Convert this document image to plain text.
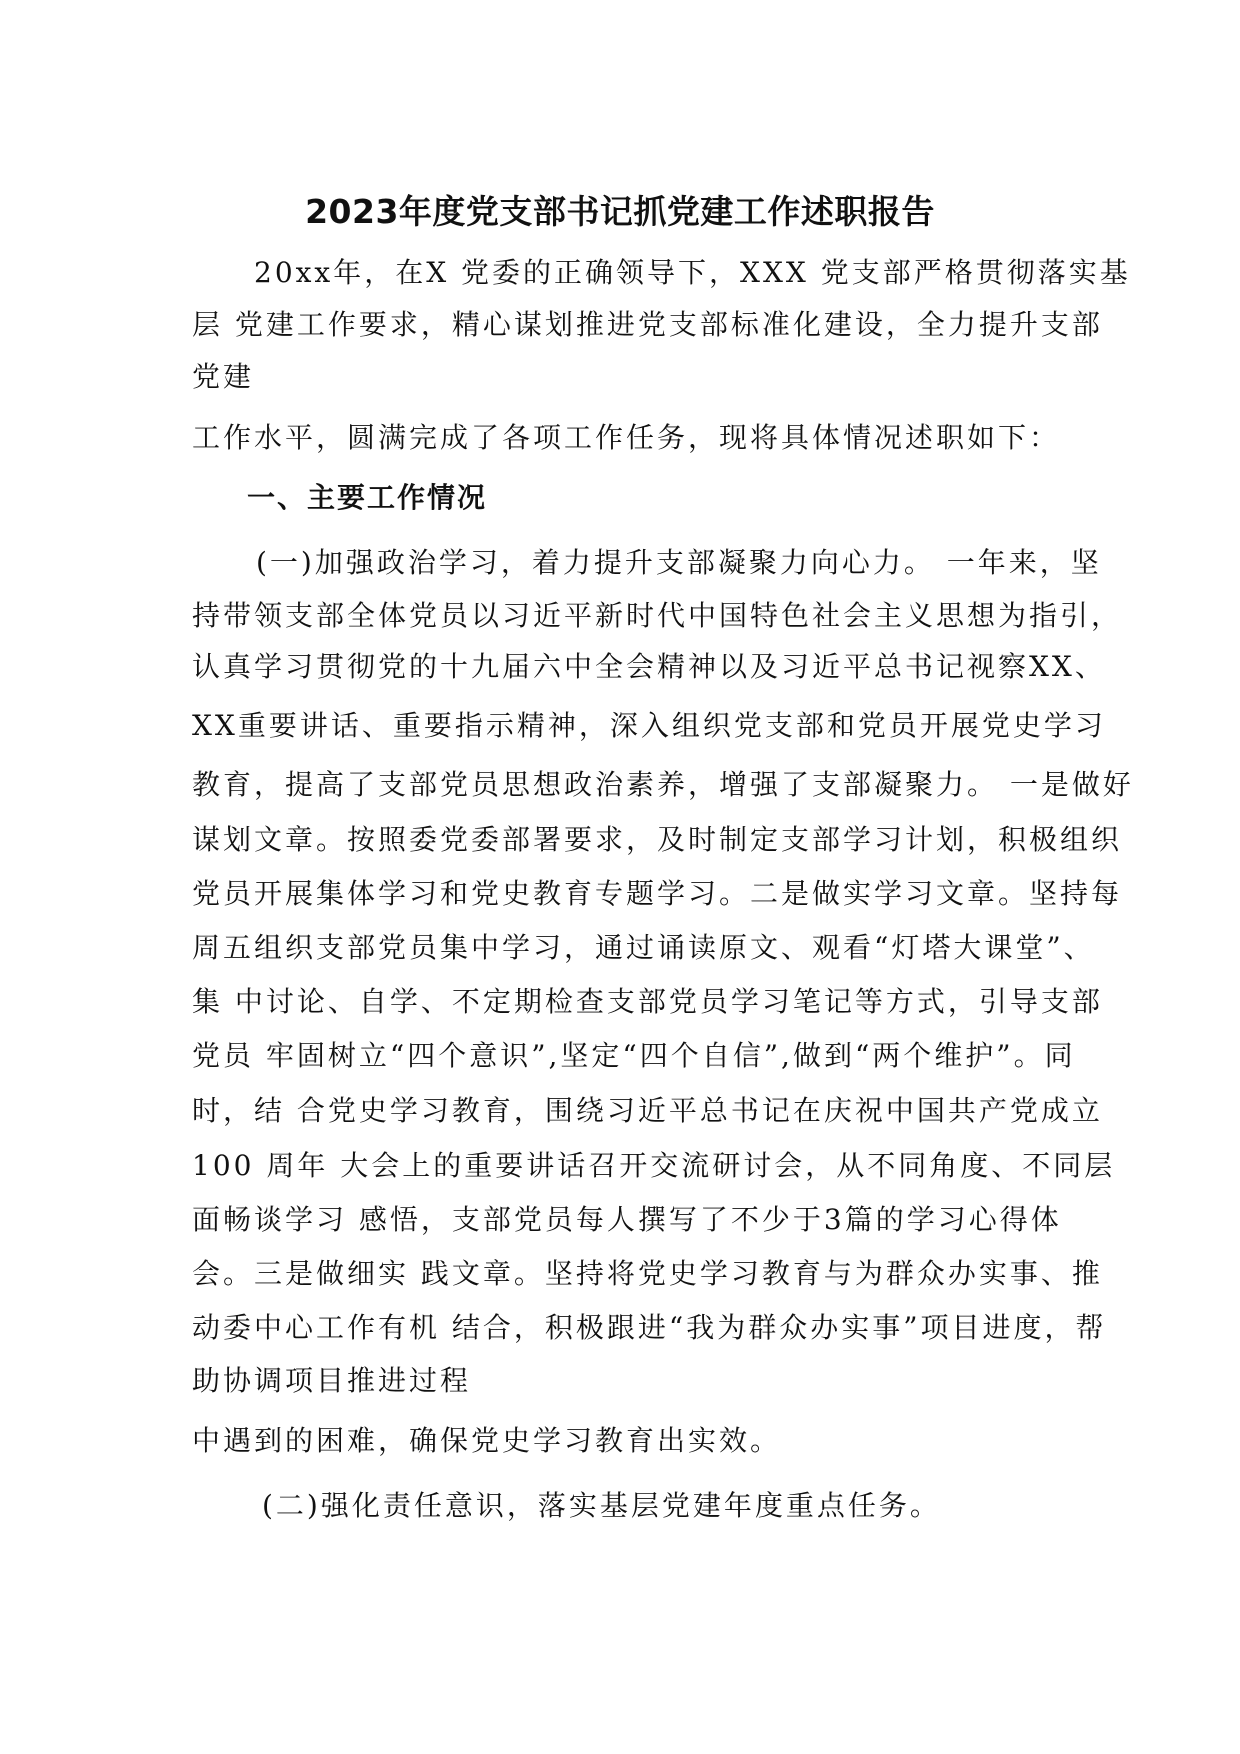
2023年度党支部书记抓党建工作述职报告
20xx年，在X 党委的正确领导下，XXX 党支部严格贯彻落实基
层 党建工作要求，精心谋划推进党支部标准化建设，全力提升支部
党建
工作水平，圆满完成了各项工作任务，现将具体情况述职如下：
一、主要工作情况
(一)加强政治学习，着力提升支部凝聚力向心力。 一年来，坚
持带领支部全体党员以习近平新时代中国特色社会主义思想为指引，
认真学习贯彻党的十九届六中全会精神以及习近平总书记视察XX、
XX重要讲话、重要指示精神，深入组织党支部和党员开展党史学习
教育，提高了支部党员思想政治素养，增强了支部凝聚力。 一是做好
谋划文章。按照委党委部署要求，及时制定支部学习计划，积极组织
党员开展集体学习和党史教育专题学习。二是做实学习文章。坚持每
周五组织支部党员集中学习，通过诵读原文、观看“灯塔大课堂”、
集 中讨论、自学、不定期检查支部党员学习笔记等方式，引导支部
党员 牢固树立“四个意识”,坚定“四个自信”,做到“两个维护”。同
时，结 合党史学习教育，围绕习近平总书记在庆祝中国共产党成立
100 周年 大会上的重要讲话召开交流研讨会，从不同角度、不同层
面畅谈学习 感悟，支部党员每人撰写了不少于3篇的学习心得体
会。三是做细实 践文章。坚持将党史学习教育与为群众办实事、推
动委中心工作有机 结合，积极跟进“我为群众办实事”项目进度，帮
助协调项目推进过程
中遇到的困难，确保党史学习教育出实效。
(二)强化责任意识，落实基层党建年度重点任务。
